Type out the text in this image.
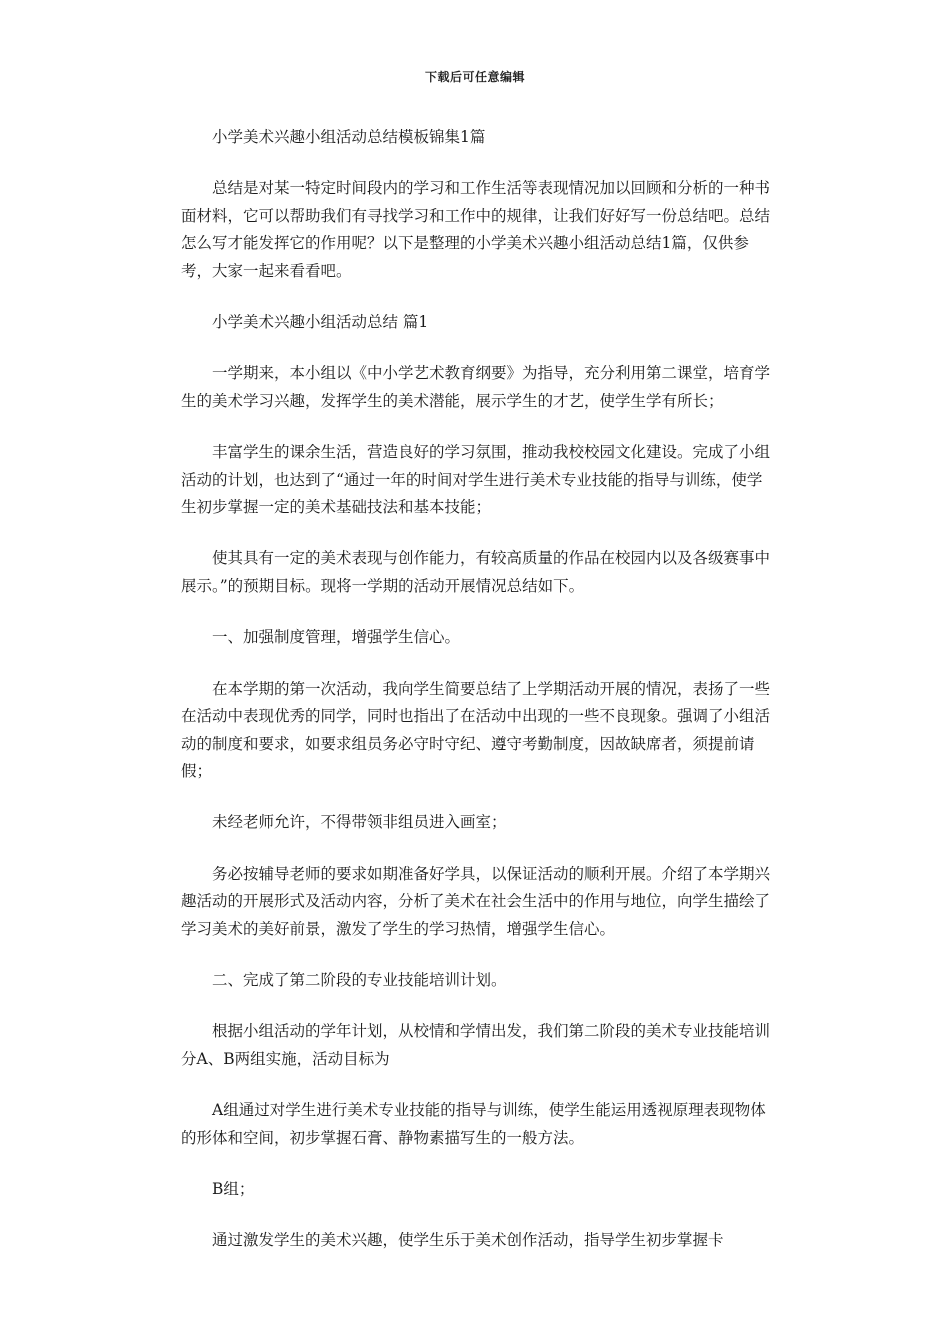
下载后可任意编辑

小学美术兴趣小组活动总结模板锦集1篇

总结是对某一特定时间段内的学习和工作生活等表现情况加以回顾和分析的一种书面材料，它可以帮助我们有寻找学习和工作中的规律，让我们好好写一份总结吧。总结怎么写才能发挥它的作用呢？以下是整理的小学美术兴趣小组活动总结1篇，仅供参考，大家一起来看看吧。

小学美术兴趣小组活动总结 篇1

一学期来，本小组以《中小学艺术教育纲要》为指导，充分利用第二课堂，培育学生的美术学习兴趣，发挥学生的美术潜能，展示学生的才艺，使学生学有所长；

丰富学生的课余生活，营造良好的学习氛围，推动我校校园文化建设。完成了小组活动的计划，也达到了“通过一年的时间对学生进行美术专业技能的指导与训练，使学生初步掌握一定的美术基础技法和基本技能；

使其具有一定的美术表现与创作能力，有较高质量的作品在校园内以及各级赛事中展示。”的预期目标。现将一学期的活动开展情况总结如下。

一、加强制度管理，增强学生信心。

在本学期的第一次活动，我向学生简要总结了上学期活动开展的情况，表扬了一些在活动中表现优秀的同学，同时也指出了在活动中出现的一些不良现象。强调了小组活动的制度和要求，如要求组员务必守时守纪、遵守考勤制度，因故缺席者，须提前请假；

未经老师允许，不得带领非组员进入画室；

务必按辅导老师的要求如期准备好学具，以保证活动的顺利开展。介绍了本学期兴趣活动的开展形式及活动内容，分析了美术在社会生活中的作用与地位，向学生描绘了学习美术的美好前景，激发了学生的学习热情，增强学生信心。

二、完成了第二阶段的专业技能培训计划。

根据小组活动的学年计划，从校情和学情出发，我们第二阶段的美术专业技能培训分A、B两组实施，活动目标为

A组通过对学生进行美术专业技能的指导与训练，使学生能运用透视原理表现物体的形体和空间，初步掌握石膏、静物素描写生的一般方法。

B组；

通过激发学生的美术兴趣，使学生乐于美术创作活动，指导学生初步掌握卡
